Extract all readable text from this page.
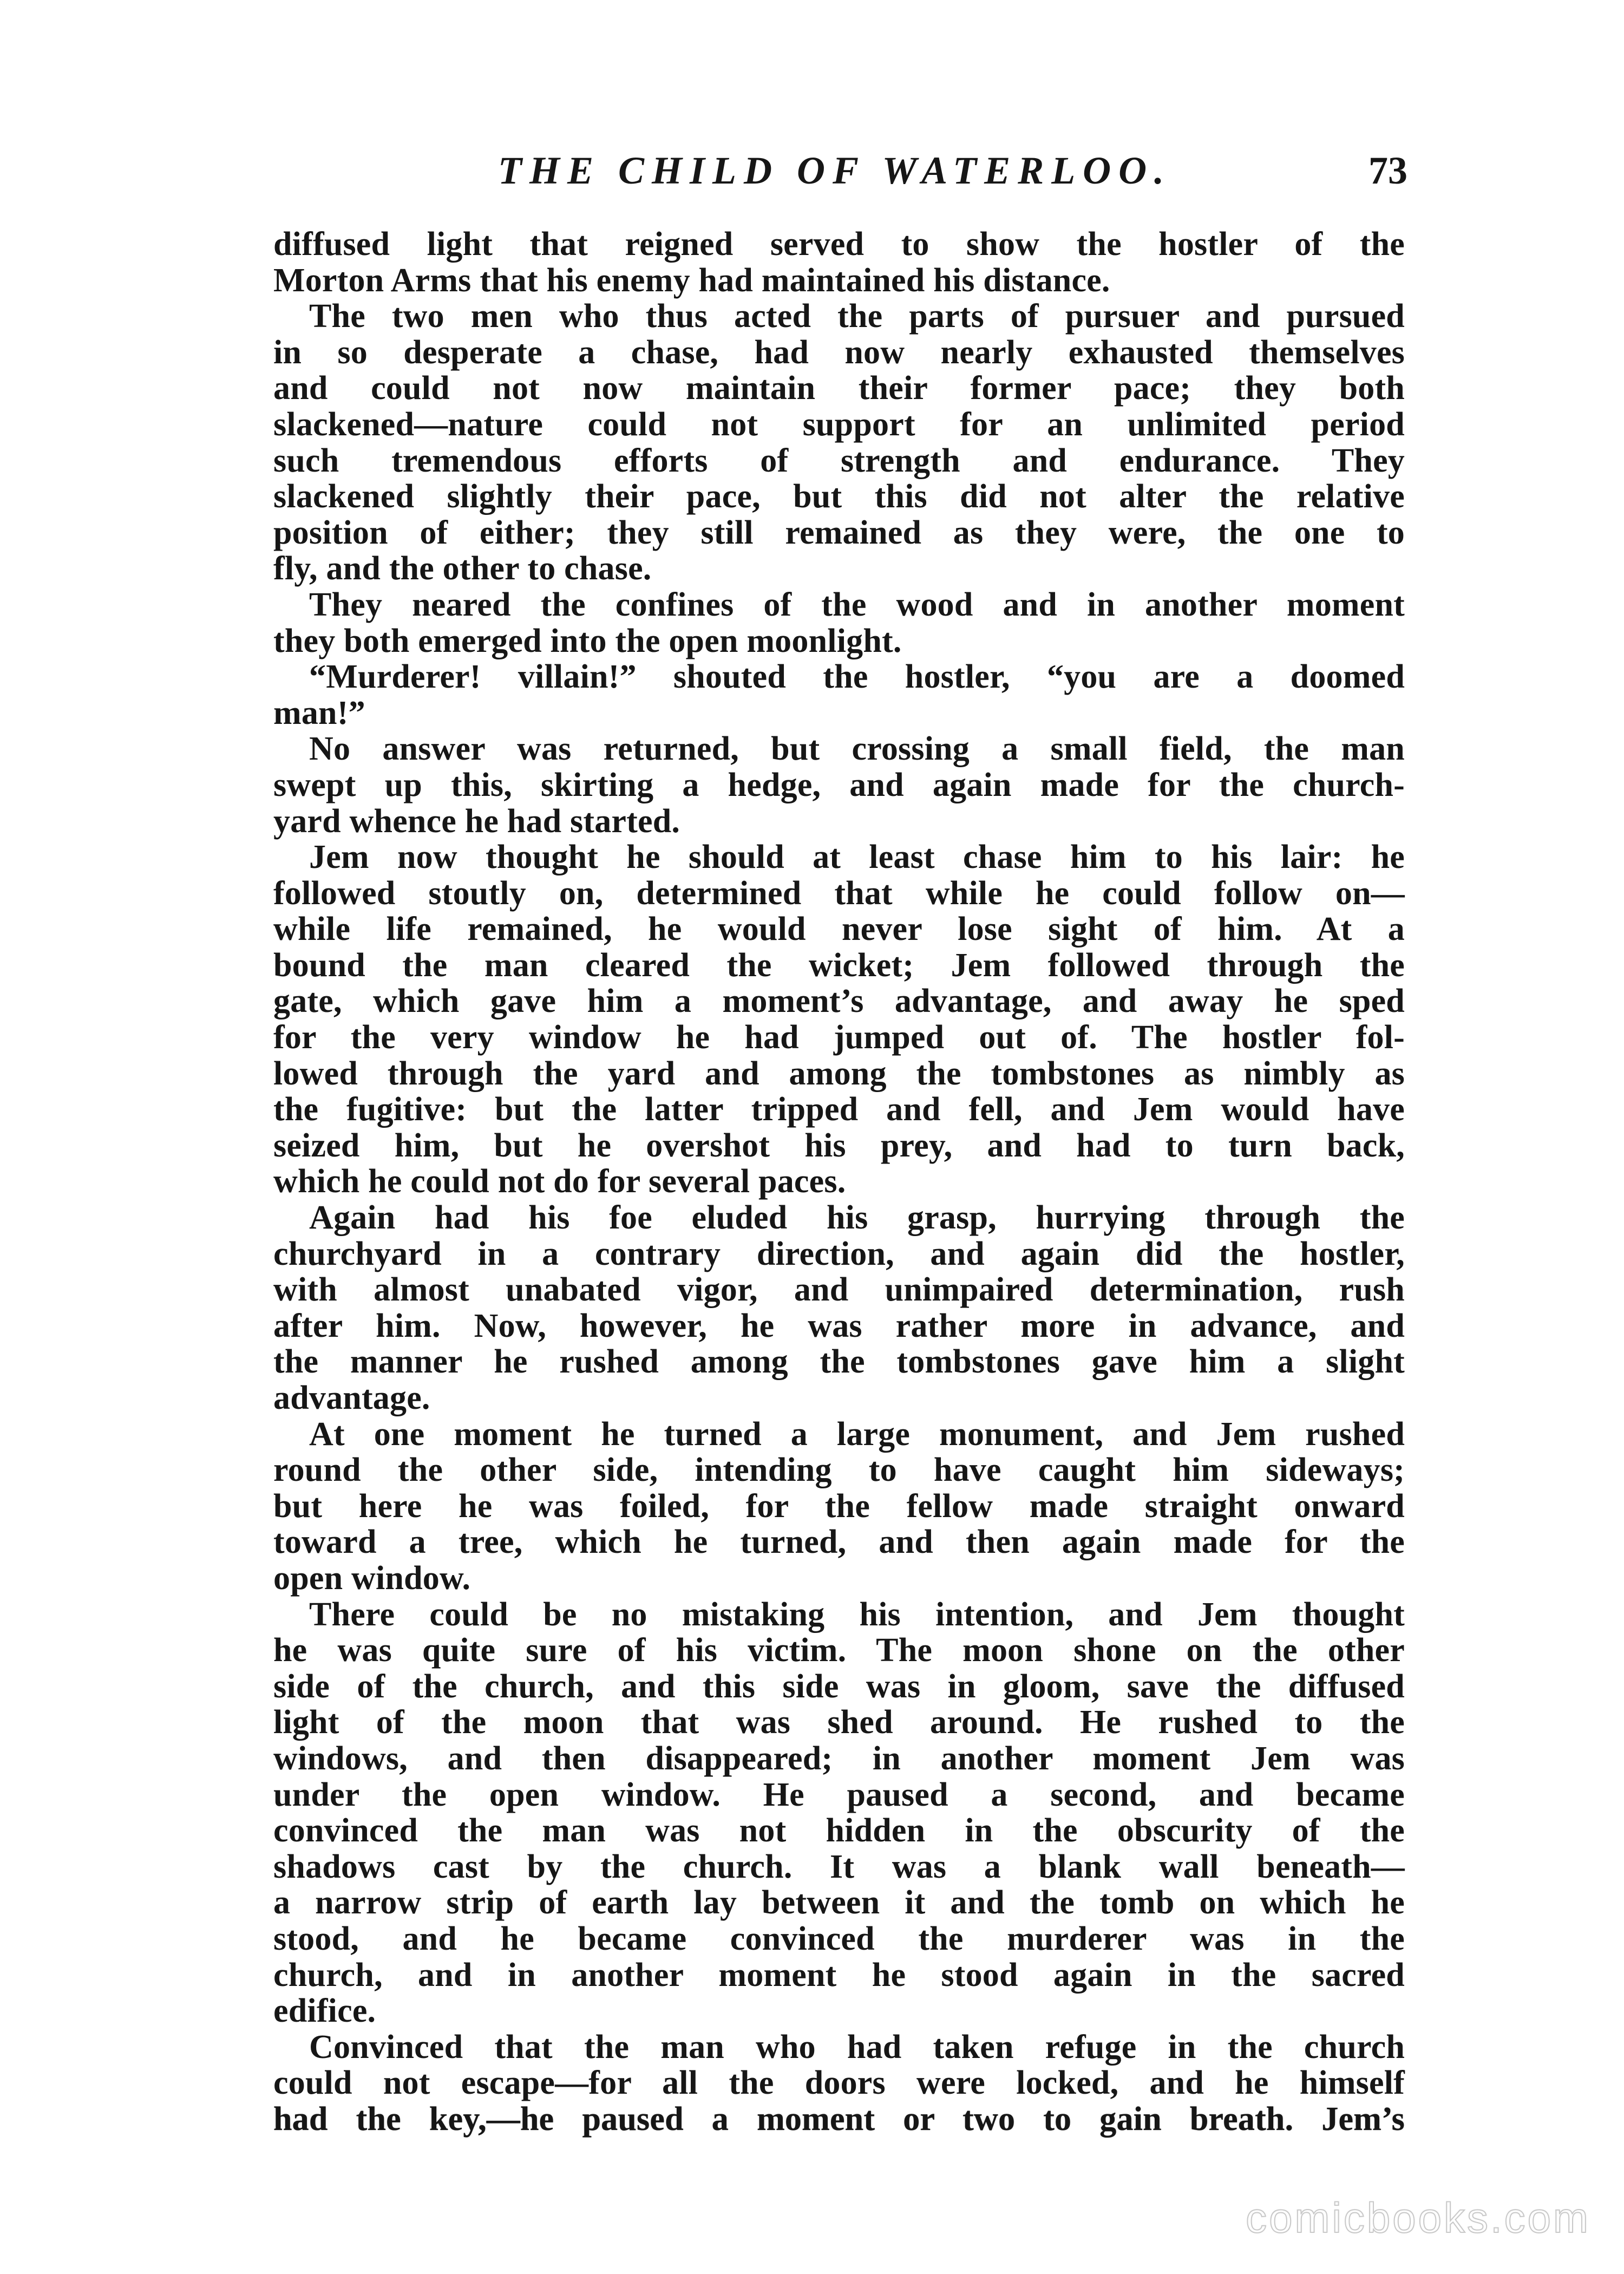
THE CHILD OF WATERLOO.	73
diffused light that reigned served to show the hostler of the
Morton Arms that his enemy had maintained his distance.
The two men who thus acted the parts of pursuer and pursued
in so desperate a chase, had now nearly exhausted themselves
and could not now maintain their former pace; they both
slackened—nature could not support for an unlimited period
such tremendous efforts of strength and endurance. They
slackened slightly their pace, but this did not alter the relative
position of either; they still remained as they were, the one to
fly, and the other to chase.
They neared the confines of the wood and in another moment
they both emerged into the open moonlight.
“Murderer! villain!” shouted the hostler, “you are a doomed
man!”
No answer was returned, but crossing a small field, the man
swept up this, skirting a hedge, and again made for the church-
yard whence he had started.
Jem now thought he should at least chase him to his lair: he
followed stoutly on, determined that while he could follow on—
while life remained, he would never lose sight of him. At a
bound the man cleared the wicket; Jem followed through the
gate, which gave him a moment’s advantage, and away he sped
for the very window he had jumped out of. The hostler fol-
lowed through the yard and among the tombstones as nimbly as
the fugitive: but the latter tripped and fell, and Jem would have
seized him, but he overshot his prey, and had to turn back,
which he could not do for several paces.
Again had his foe eluded his grasp, hurrying through the
churchyard in a contrary direction, and again did the hostler,
with almost unabated vigor, and unimpaired determination, rush
after him. Now, however, he was rather more in advance, and
the manner he rushed among the tombstones gave him a slight
advantage.
At one moment he turned a large monument, and Jem rushed
round the other side, intending to have caught him sideways;
but here he was foiled, for the fellow made straight onward
toward a tree, which he turned, and then again made for the
open window.
There could be no mistaking his intention, and Jem thought
he was quite sure of his victim. The moon shone on the other
side of the church, and this side was in gloom, save the diffused
light of the moon that was shed around. He rushed to the
windows, and then disappeared; in another moment Jem was
under the open window. He paused a second, and became
convinced the man was not hidden in the obscurity of the
shadows cast by the church. It was a blank wall beneath—
a narrow strip of earth lay between it and the tomb on which he
stood, and he became convinced the murderer was in the
church, and in another moment he stood again in the sacred
edifice.
Convinced that the man who had taken refuge in the church
could not escape—for all the doors were locked, and he himself
had the key,—he paused a moment or two to gain breath. Jem’s
comicbooks.com
